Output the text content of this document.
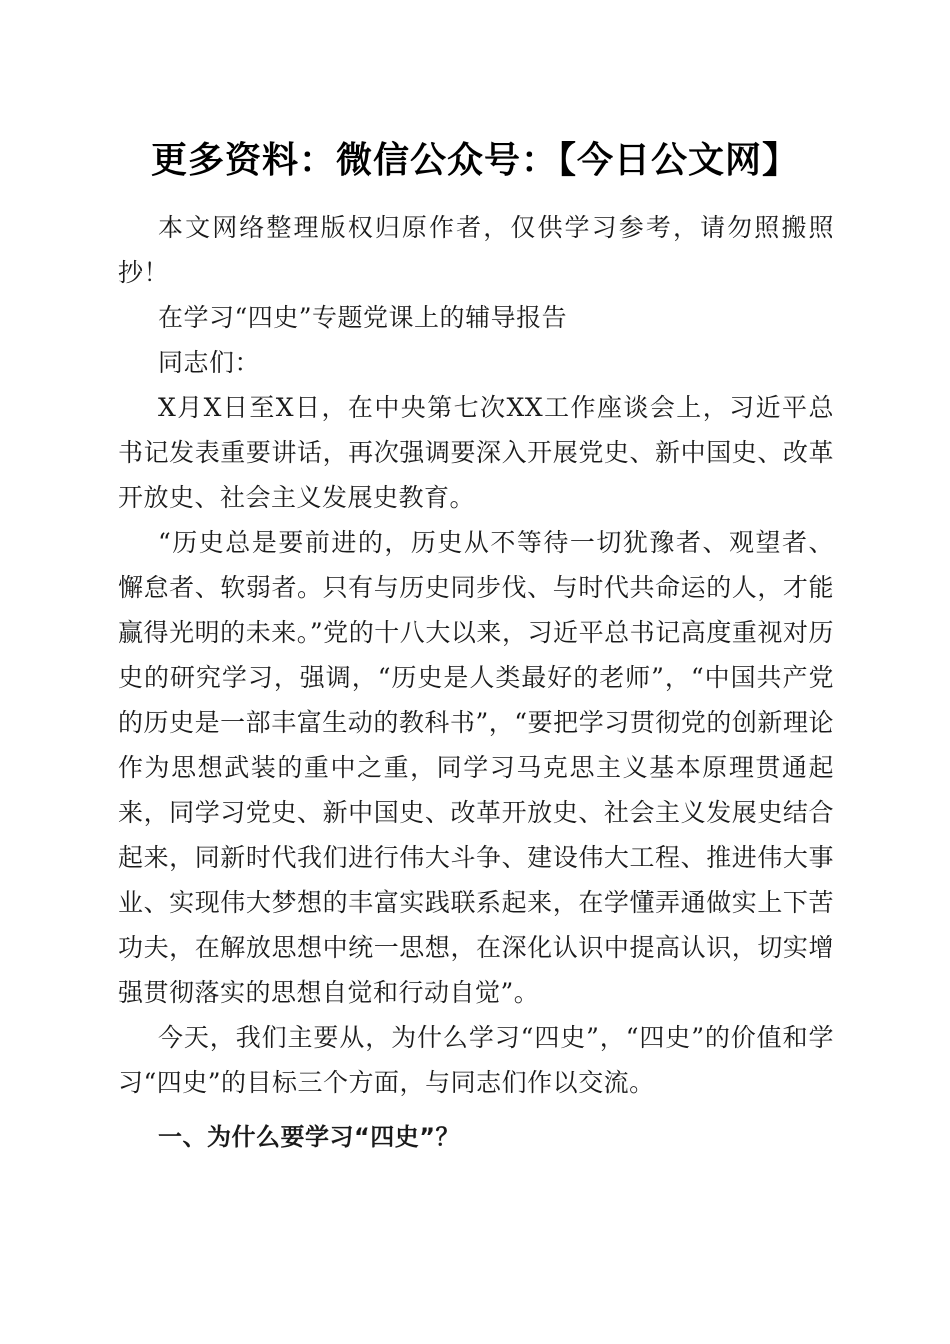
更多资料：微信公众号：【今日公文网】

本文网络整理版权归原作者，仅供学习参考，请勿照搬照抄！

在学习“四史”专题党课上的辅导报告

同志们：

X月X日至X日，在中央第七次XX工作座谈会上，习近平总书记发表重要讲话，再次强调要深入开展党史、新中国史、改革开放史、社会主义发展史教育。

“历史总是要前进的，历史从不等待一切犹豫者、观望者、懈怠者、软弱者。只有与历史同步伐、与时代共命运的人，才能赢得光明的未来。”党的十八大以来，习近平总书记高度重视对历史的研究学习，强调，“历史是人类最好的老师”，“中国共产党的历史是一部丰富生动的教科书”，“要把学习贯彻党的创新理论作为思想武装的重中之重，同学习马克思主义基本原理贯通起来，同学习党史、新中国史、改革开放史、社会主义发展史结合起来，同新时代我们进行伟大斗争、建设伟大工程、推进伟大事业、实现伟大梦想的丰富实践联系起来，在学懂弄通做实上下苦功夫，在解放思想中统一思想，在深化认识中提高认识，切实增强贯彻落实的思想自觉和行动自觉”。

今天，我们主要从，为什么学习“四史”，“四史”的价值和学习“四史”的目标三个方面，与同志们作以交流。

一、为什么要学习“四史”？
